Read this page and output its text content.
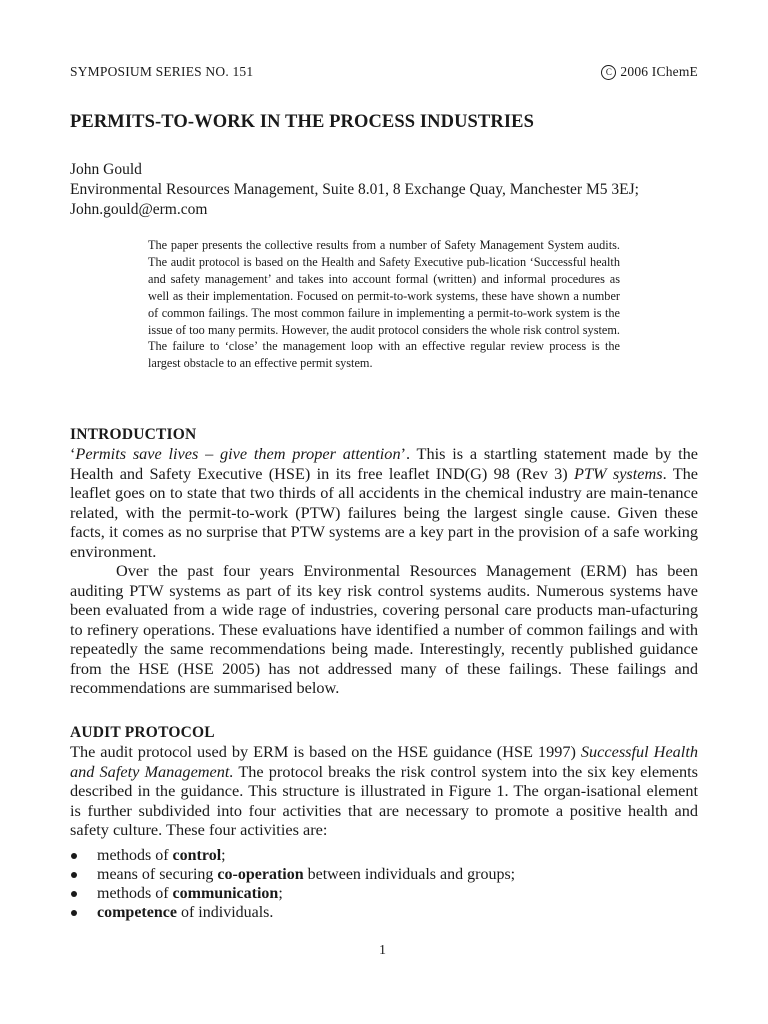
SYMPOSIUM SERIES NO. 151	C 2006 IChemE
PERMITS-TO-WORK IN THE PROCESS INDUSTRIES
John Gould
Environmental Resources Management, Suite 8.01, 8 Exchange Quay, Manchester M5 3EJ;
John.gould@erm.com
The paper presents the collective results from a number of Safety Management System audits. The audit protocol is based on the Health and Safety Executive pub-lication ‘Successful health and safety management’ and takes into account formal (written) and informal procedures as well as their implementation. Focused on permit-to-work systems, these have shown a number of common failings. The most common failure in implementing a permit-to-work system is the issue of too many permits. However, the audit protocol considers the whole risk control system. The failure to ‘close’ the management loop with an effective regular review process is the largest obstacle to an effective permit system.
INTRODUCTION

‘Permits save lives – give them proper attention’. This is a startling statement made by the Health and Safety Executive (HSE) in its free leaflet IND(G) 98 (Rev 3) PTW systems. The leaflet goes on to state that two thirds of all accidents in the chemical industry are main-tenance related, with the permit-to-work (PTW) failures being the largest single cause. Given these facts, it comes as no surprise that PTW systems are a key part in the provision of a safe working environment.

Over the past four years Environmental Resources Management (ERM) has been auditing PTW systems as part of its key risk control systems audits. Numerous systems have been evaluated from a wide rage of industries, covering personal care products man-ufacturing to refinery operations. These evaluations have identified a number of common failings and with repeatedly the same recommendations being made. Interestingly, recently published guidance from the HSE (HSE 2005) has not addressed many of these failings. These failings and recommendations are summarised below.

AUDIT PROTOCOL

The audit protocol used by ERM is based on the HSE guidance (HSE 1997) Successful Health and Safety Management. The protocol breaks the risk control system into the six key elements described in the guidance. This structure is illustrated in Figure 1. The organ-isational element is further subdivided into four activities that are necessary to promote a positive health and safety culture. These four activities are:

methods of control;
means of securing co-operation between individuals and groups;
methods of communication;
competence of individuals.
1
